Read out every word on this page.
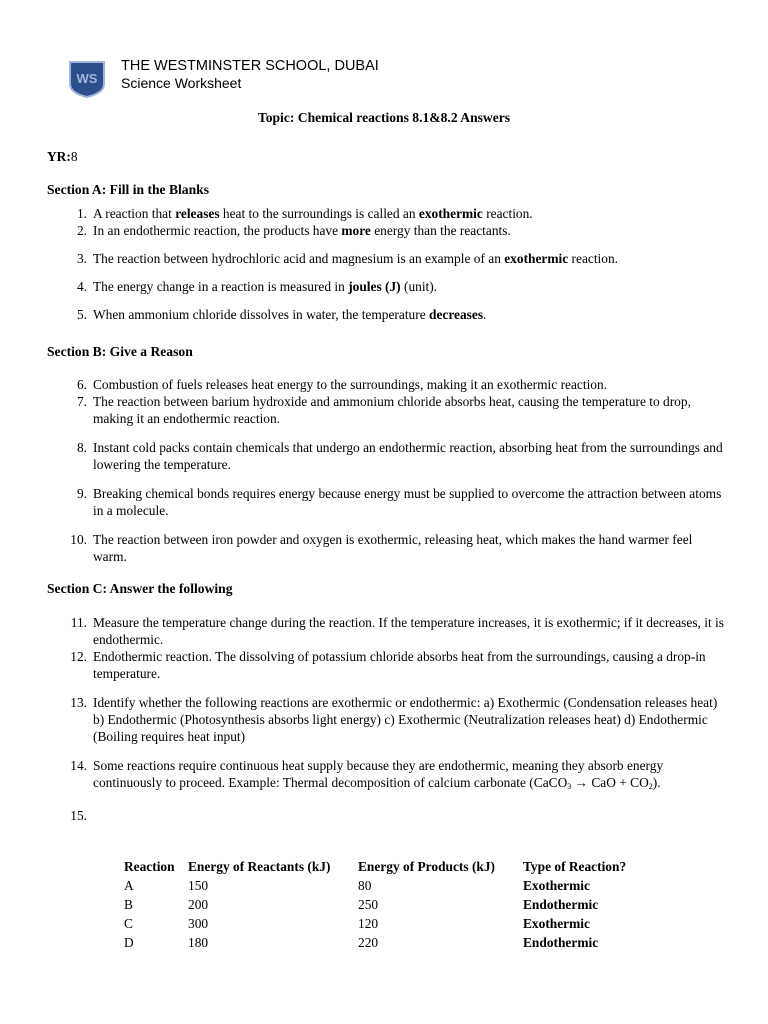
WS
THE WESTMINSTER SCHOOL, DUBAI
Science Worksheet
Topic: Chemical reactions 8.1&8.2 Answers
YR:8
Section A: Fill in the Blanks
1. A reaction that releases heat to the surroundings is called an exothermic reaction.
2. In an endothermic reaction, the products have more energy than the reactants.
3. The reaction between hydrochloric acid and magnesium is an example of an exothermic reaction.
4. The energy change in a reaction is measured in joules (J) (unit).
5. When ammonium chloride dissolves in water, the temperature decreases.
Section B: Give a Reason
6. Combustion of fuels releases heat energy to the surroundings, making it an exothermic reaction.
7. The reaction between barium hydroxide and ammonium chloride absorbs heat, causing the temperature to drop, making it an endothermic reaction.
8. Instant cold packs contain chemicals that undergo an endothermic reaction, absorbing heat from the surroundings and lowering the temperature.
9. Breaking chemical bonds requires energy because energy must be supplied to overcome the attraction between atoms in a molecule.
10. The reaction between iron powder and oxygen is exothermic, releasing heat, which makes the hand warmer feel warm.
Section C: Answer the following
11. Measure the temperature change during the reaction. If the temperature increases, it is exothermic; if it decreases, it is endothermic.
12. Endothermic reaction. The dissolving of potassium chloride absorbs heat from the surroundings, causing a drop-in temperature.
13. Identify whether the following reactions are exothermic or endothermic: a) Exothermic (Condensation releases heat) b) Endothermic (Photosynthesis absorbs light energy) c) Exothermic (Neutralization releases heat) d) Endothermic (Boiling requires heat input)
14. Some reactions require continuous heat supply because they are endothermic, meaning they absorb energy continuously to proceed. Example: Thermal decomposition of calcium carbonate (CaCO$_3$ → CaO + $CO_2$).
15.
Reaction	Energy of Reactants (kJ)	Energy of Products (kJ)	Type of Reaction?
A	150	80	Exothermic
B	200	250	Endothermic
C	300	120	Exothermic
D	180	220	Endothermic
